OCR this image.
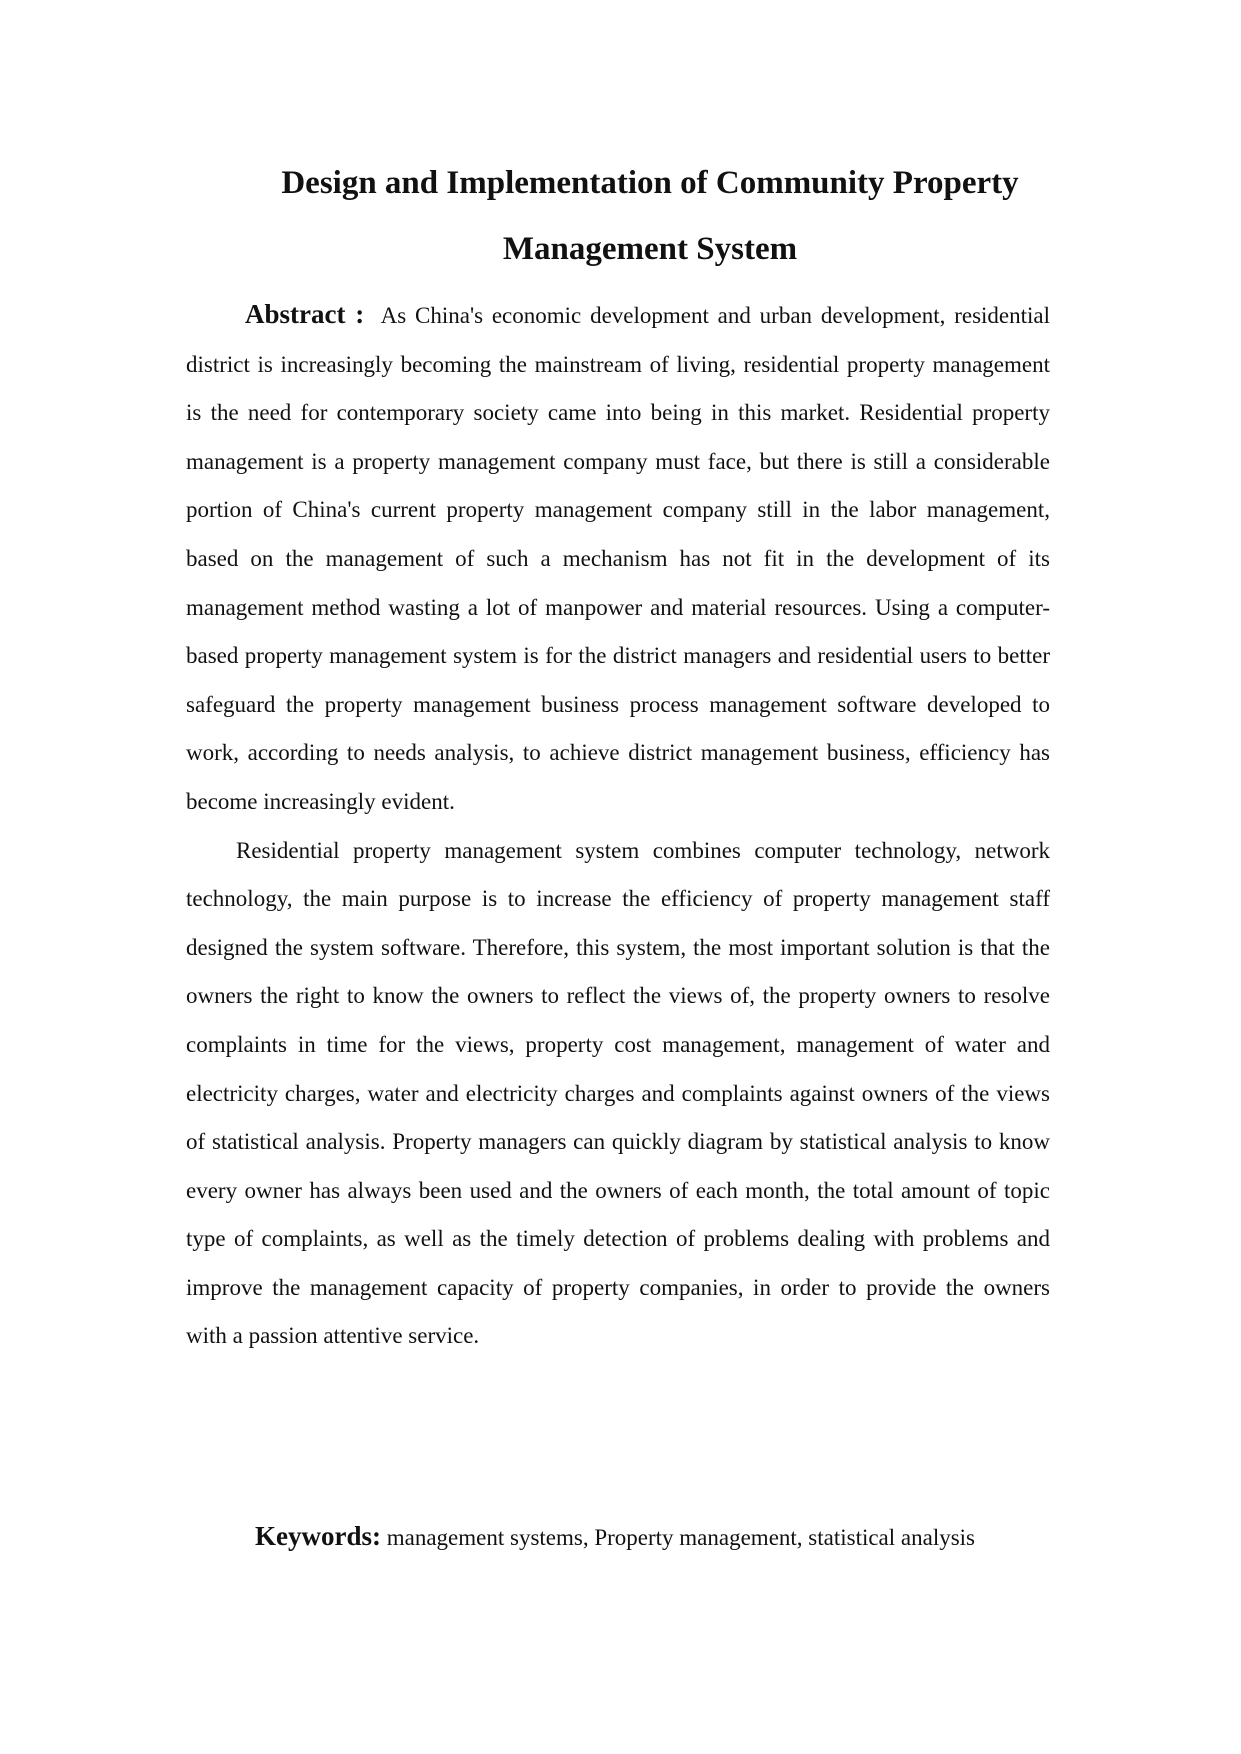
Design and Implementation of Community Property
Management System

Abstract : As China's economic development and urban development, residential district is increasingly becoming the mainstream of living, residential property management is the need for contemporary society came into being in this market. Residential property management is a property management company must face, but there is still a considerable portion of China's current property management company still in the labor management, based on the management of such a mechanism has not fit in the development of its management method wasting a lot of manpower and material resources. Using a computer-based property management system is for the district managers and residential users to better safeguard the property management business process management software developed to work, according to needs analysis, to achieve district management business, efficiency has become increasingly evident.

Residential property management system combines computer technology, network technology, the main purpose is to increase the efficiency of property management staff designed the system software. Therefore, this system, the most important solution is that the owners the right to know the owners to reflect the views of, the property owners to resolve complaints in time for the views, property cost management, management of water and electricity charges, water and electricity charges and complaints against owners of the views of statistical analysis. Property managers can quickly diagram by statistical analysis to know every owner has always been used and the owners of each month, the total amount of topic type of complaints, as well as the timely detection of problems dealing with problems and improve the management capacity of property companies, in order to provide the owners with a passion attentive service.

Keywords: management systems, Property management, statistical analysis
